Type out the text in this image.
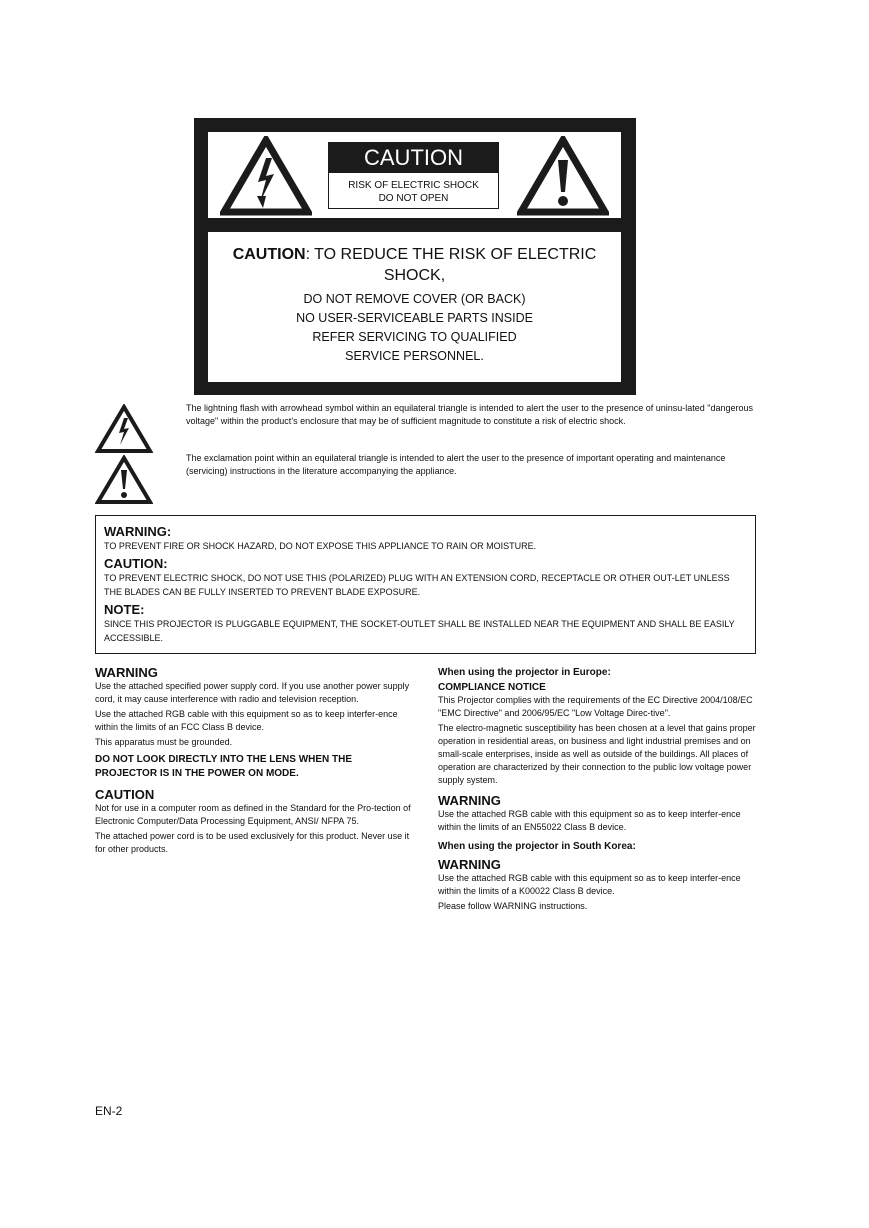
CAUTION
RISK OF ELECTRIC SHOCK
DO NOT OPEN
CAUTION: TO REDUCE THE RISK OF ELECTRIC SHOCK,
DO NOT REMOVE COVER (OR BACK)
NO USER-SERVICEABLE PARTS INSIDE
REFER SERVICING TO QUALIFIED
SERVICE PERSONNEL.
The lightning flash with arrowhead symbol within an equilateral triangle is intended to alert the user to the presence of uninsu-lated "dangerous voltage" within the product’s enclosure that may be of sufficient magnitude to constitute a risk of electric shock.
The exclamation point within an equilateral triangle is intended to alert the user to the presence of important operating and maintenance (servicing) instructions in the literature accompanying the appliance.
WARNING:
TO PREVENT FIRE OR SHOCK HAZARD, DO NOT EXPOSE THIS APPLIANCE TO RAIN OR MOISTURE.
CAUTION:
TO PREVENT ELECTRIC SHOCK, DO NOT USE THIS (POLARIZED) PLUG WITH AN EXTENSION CORD, RECEPTACLE OR OTHER OUT-LET UNLESS THE BLADES CAN BE FULLY INSERTED TO PREVENT BLADE EXPOSURE.
NOTE:
SINCE THIS PROJECTOR IS PLUGGABLE EQUIPMENT, THE SOCKET-OUTLET SHALL BE INSTALLED NEAR THE EQUIPMENT AND SHALL BE EASILY ACCESSIBLE.
WARNING

Use the attached specified power supply cord. If you use another power supply cord, it may cause interference with radio and television reception.

Use the attached RGB cable with this equipment so as to keep interfer-ence within the limits of an FCC Class B device.

This apparatus must be grounded.

DO NOT LOOK DIRECTLY INTO THE LENS WHEN THE PROJECTOR IS IN THE POWER ON MODE.
CAUTION

Not for use in a computer room as defined in the Standard for the Pro-tection of Electronic Computer/Data Processing Equipment, ANSI/ NFPA 75.

The attached power cord is to be used exclusively for this product. Never use it for other products.

When using the projector in Europe:
COMPLIANCE NOTICE

This Projector complies with the requirements of the EC Directive 2004/108/EC "EMC Directive" and 2006/95/EC "Low Voltage Direc-tive".

The electro-magnetic susceptibility has been chosen at a level that gains proper operation in residential areas, on business and light industrial premises and on small-scale enterprises, inside as well as outside of the buildings. All places of operation are characterized by their connection to the public low voltage power supply system.

WARNING

Use the attached RGB cable with this equipment so as to keep interfer-ence within the limits of an EN55022 Class B device.

When using the projector in South Korea:
WARNING

Use the attached RGB cable with this equipment so as to keep interfer-ence within the limits of a K00022 Class B device.

Please follow WARNING instructions.

EN-2
